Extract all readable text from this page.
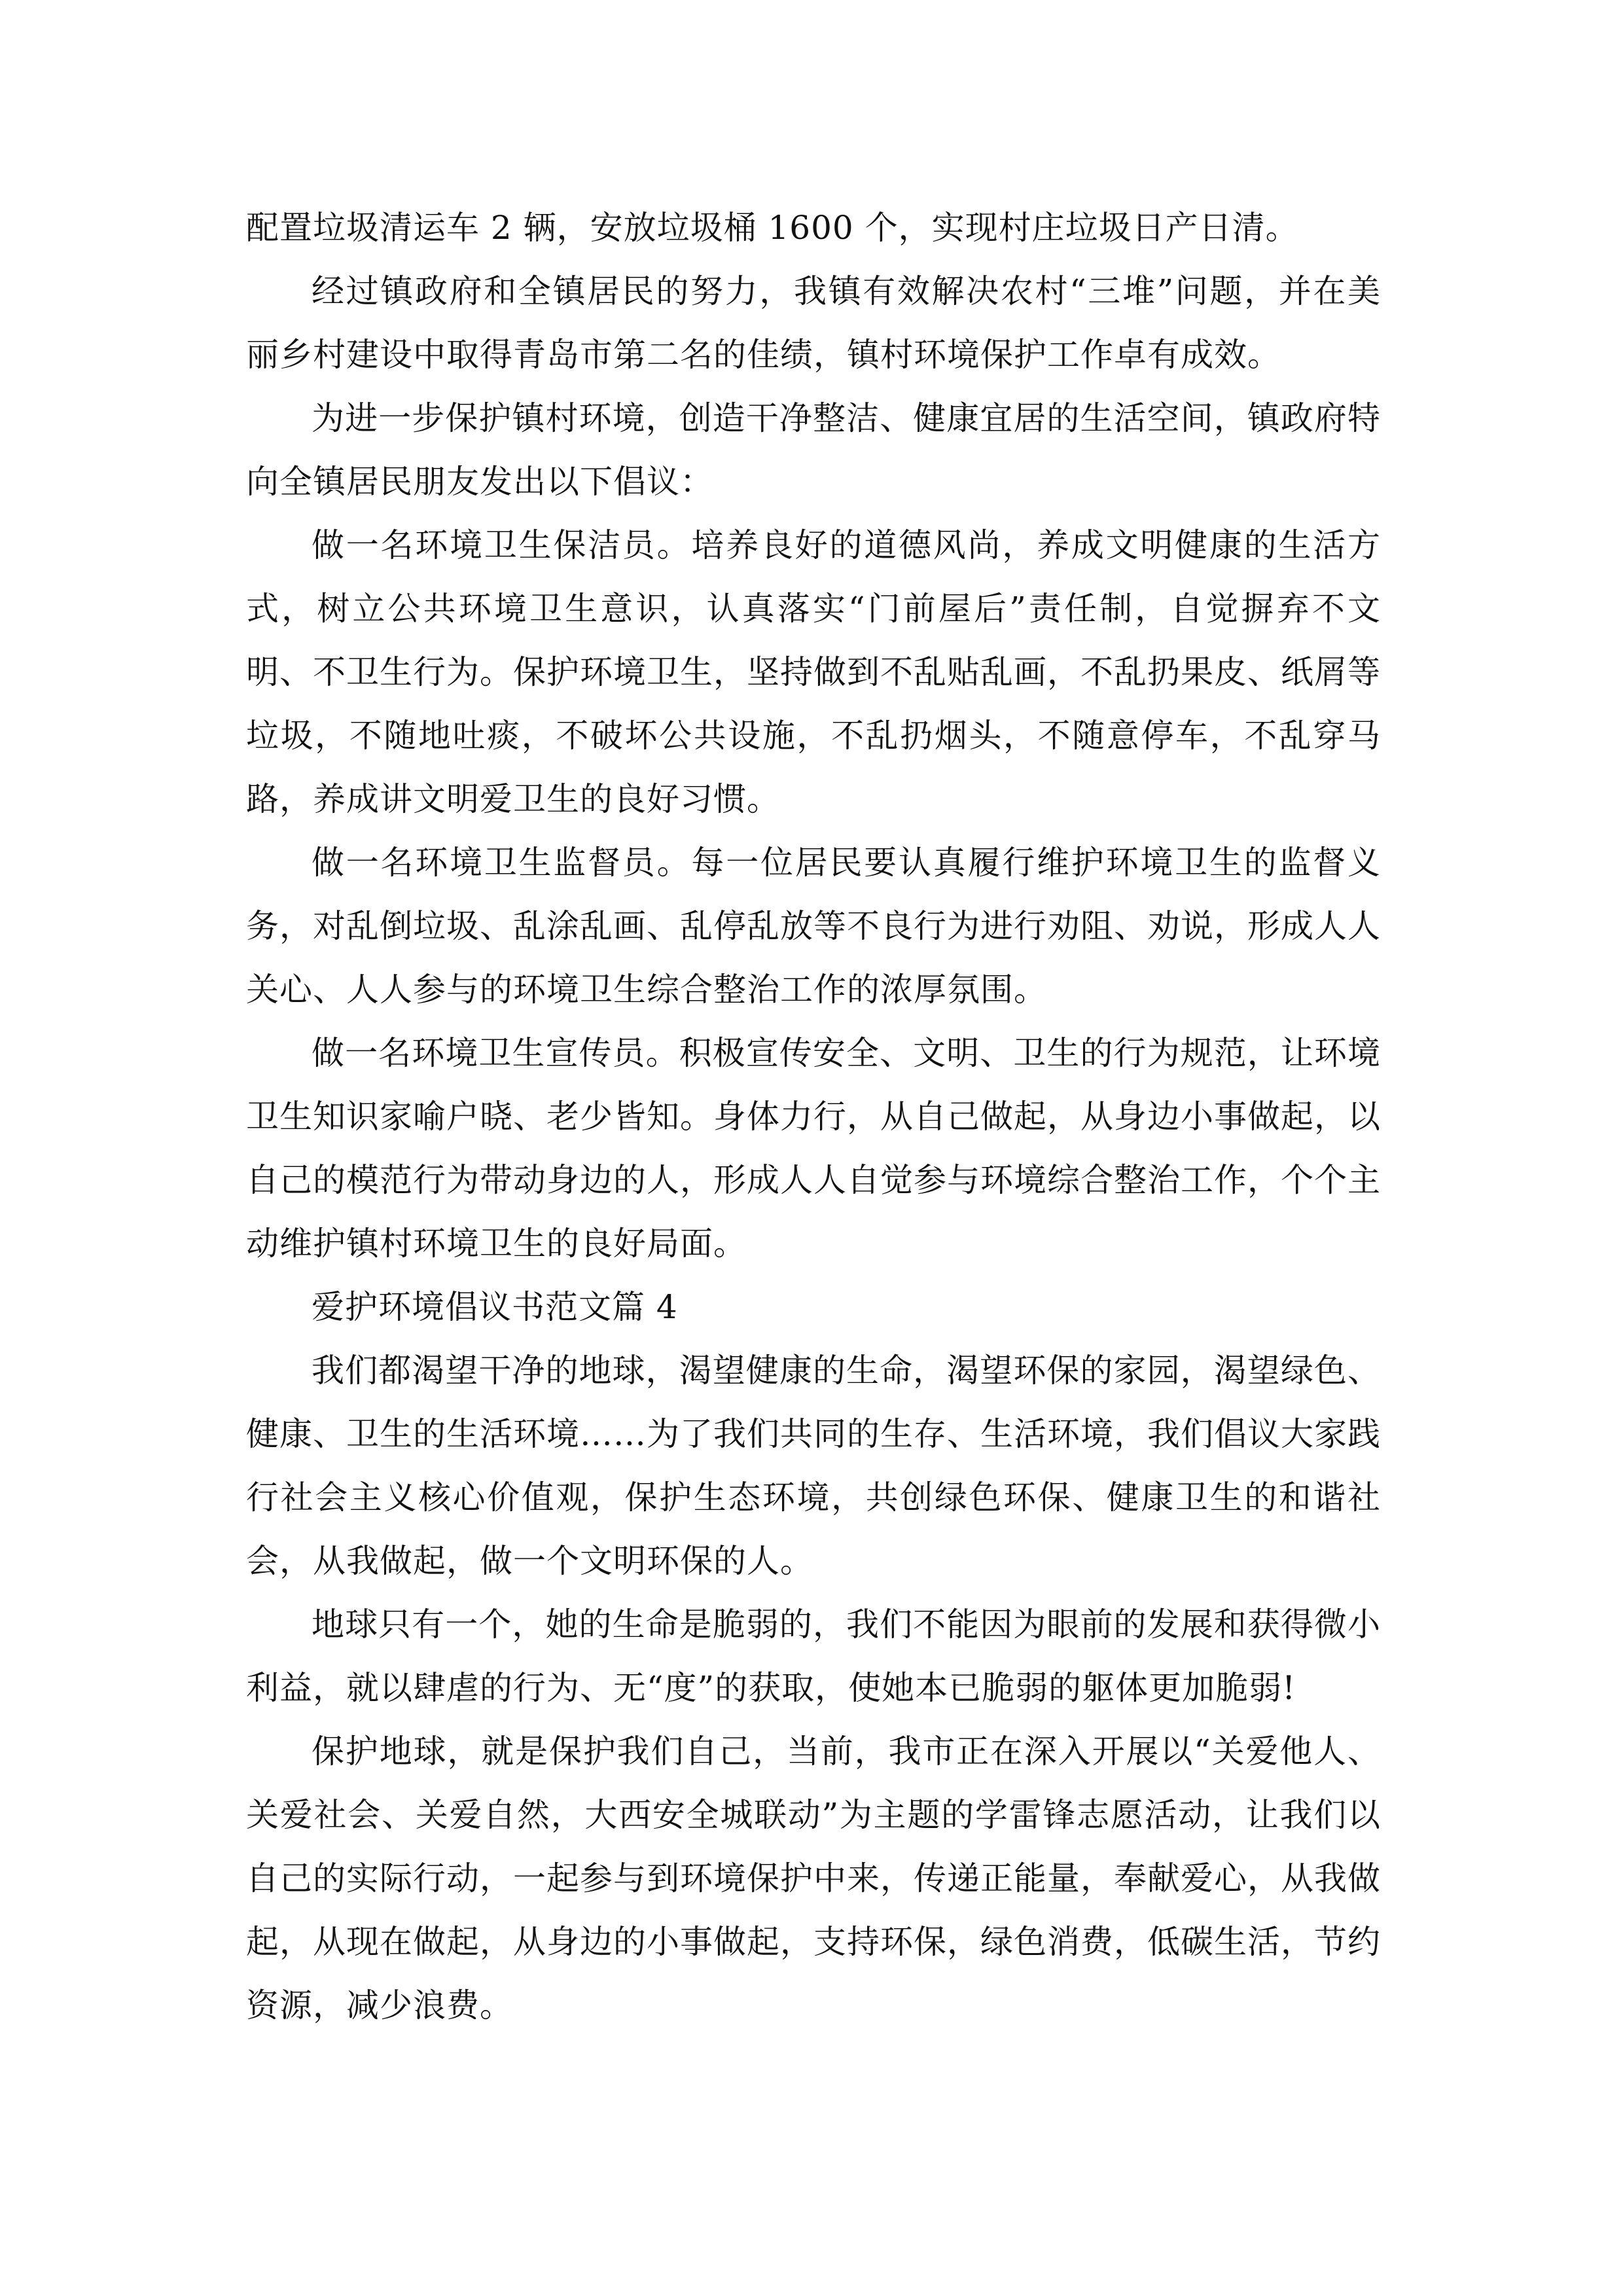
配置垃圾清运车 2 辆，安放垃圾桶 1600 个，实现村庄垃圾日产日清。

经过镇政府和全镇居民的努力，我镇有效解决农村“三堆”问题，并在美丽乡村建设中取得青岛市第二名的佳绩，镇村环境保护工作卓有成效。

为进一步保护镇村环境，创造干净整洁、健康宜居的生活空间，镇政府特向全镇居民朋友发出以下倡议：

做一名环境卫生保洁员。培养良好的道德风尚，养成文明健康的生活方式，树立公共环境卫生意识，认真落实“门前屋后”责任制，自觉摒弃不文明、不卫生行为。保护环境卫生，坚持做到不乱贴乱画，不乱扔果皮、纸屑等垃圾，不随地吐痰，不破坏公共设施，不乱扔烟头，不随意停车，不乱穿马路，养成讲文明爱卫生的良好习惯。

做一名环境卫生监督员。每一位居民要认真履行维护环境卫生的监督义务，对乱倒垃圾、乱涂乱画、乱停乱放等不良行为进行劝阻、劝说，形成人人关心、人人参与的环境卫生综合整治工作的浓厚氛围。

做一名环境卫生宣传员。积极宣传安全、文明、卫生的行为规范，让环境卫生知识家喻户晓、老少皆知。身体力行，从自己做起，从身边小事做起，以自己的模范行为带动身边的人，形成人人自觉参与环境综合整治工作，个个主动维护镇村环境卫生的良好局面。

爱护环境倡议书范文篇 4

我们都渴望干净的地球，渴望健康的生命，渴望环保的家园，渴望绿色、健康、卫生的生活环境……为了我们共同的生存、生活环境，我们倡议大家践行社会主义核心价值观，保护生态环境，共创绿色环保、健康卫生的和谐社会，从我做起，做一个文明环保的人。

地球只有一个，她的生命是脆弱的，我们不能因为眼前的发展和获得微小利益，就以肆虐的行为、无“度”的获取，使她本已脆弱的躯体更加脆弱!

保护地球，就是保护我们自己，当前，我市正在深入开展以“关爱他人、关爱社会、关爱自然，大西安全城联动”为主题的学雷锋志愿活动，让我们以自己的实际行动，一起参与到环境保护中来，传递正能量，奉献爱心，从我做起，从现在做起，从身边的小事做起，支持环保，绿色消费，低碳生活，节约资源，减少浪费。
